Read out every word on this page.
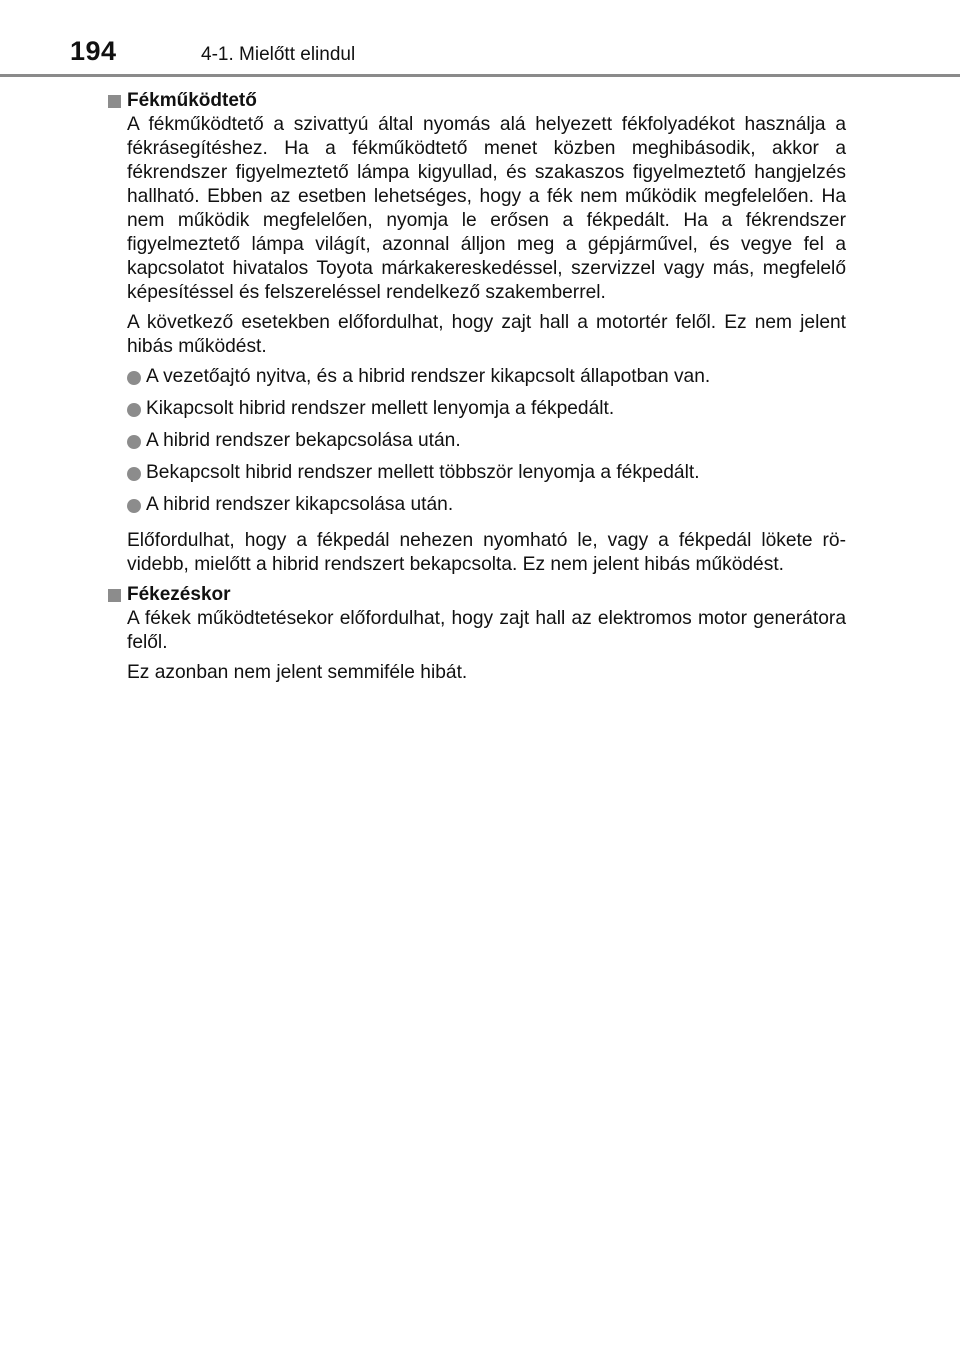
194	4-1. Mielőtt elindul

Fékműködtető

A fékműködtető a szivattyú által nyomás alá helyezett fékfolyadékot használja a fékrásegítéshez. Ha a fékműködtető menet közben meghibásodik, akkor a fékrendszer figyelmeztető lámpa kigyullad, és szakaszos figyelmeztető hangjelzés hallható. Ebben az esetben lehetséges, hogy a fék nem működik megfelelően. Ha nem működik megfelelően, nyomja le erősen a fékpedált. Ha a fékrendszer figyelmeztető lámpa világít, azonnal álljon meg a gépjárművel, és vegye fel a kapcsolatot hivatalos Toyota márkakereskedéssel, szervizzel vagy más, megfelelő képesítéssel és felszereléssel rendelkező szakemberrel.

A következő esetekben előfordulhat, hogy zajt hall a motortér felől. Ez nem jelent hibás működést.

A vezetőajtó nyitva, és a hibrid rendszer kikapcsolt állapotban van.
Kikapcsolt hibrid rendszer mellett lenyomja a fékpedált.
A hibrid rendszer bekapcsolása után.
Bekapcsolt hibrid rendszer mellett többször lenyomja a fékpedált.
A hibrid rendszer kikapcsolása után.

Előfordulhat, hogy a fékpedál nehezen nyomható le, vagy a fékpedál lökete rövidebb, mielőtt a hibrid rendszert bekapcsolta. Ez nem jelent hibás működést.

Fékezéskor

A fékek működtetésekor előfordulhat, hogy zajt hall az elektromos motor generátora felől.

Ez azonban nem jelent semmiféle hibát.
